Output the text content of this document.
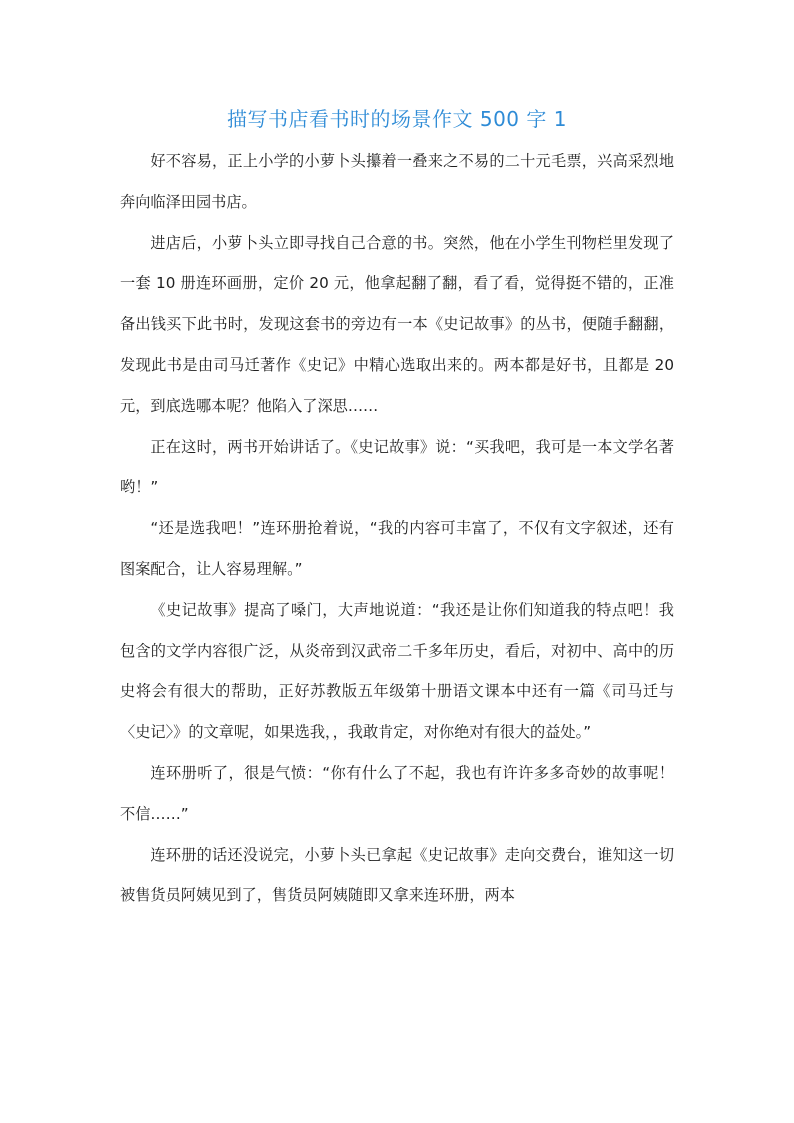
描写书店看书时的场景作文 500 字 1

好不容易，正上小学的小萝卜头攥着一叠来之不易的二十元毛票，兴高采烈地奔向临泽田园书店。

进店后，小萝卜头立即寻找自己合意的书。突然，他在小学生刊物栏里发现了一套 10 册连环画册，定价 20 元，他拿起翻了翻，看了看，觉得挺不错的，正准备出钱买下此书时，发现这套书的旁边有一本《史记故事》的丛书，便随手翻翻，发现此书是由司马迁著作《史记》中精心选取出来的。两本都是好书，且都是 20 元，到底选哪本呢？他陷入了深思……

正在这时，两书开始讲话了。《史记故事》说：“买我吧，我可是一本文学名著哟！”

“还是选我吧！”连环册抢着说，“我的内容可丰富了，不仅有文字叙述，还有图案配合，让人容易理解。”

《史记故事》提高了嗓门，大声地说道：“我还是让你们知道我的特点吧！我包含的文学内容很广泛，从炎帝到汉武帝二千多年历史，看后，对初中、高中的历史将会有很大的帮助，正好苏教版五年级第十册语文课本中还有一篇《司马迁与〈史记〉》的文章呢，如果选我，，我敢肯定，对你绝对有很大的益处。”

连环册听了，很是气愤：“你有什么了不起，我也有许许多多奇妙的故事呢！不信……”

连环册的话还没说完，小萝卜头已拿起《史记故事》走向交费台，谁知这一切被售货员阿姨见到了，售货员阿姨随即又拿来连环册，两本
